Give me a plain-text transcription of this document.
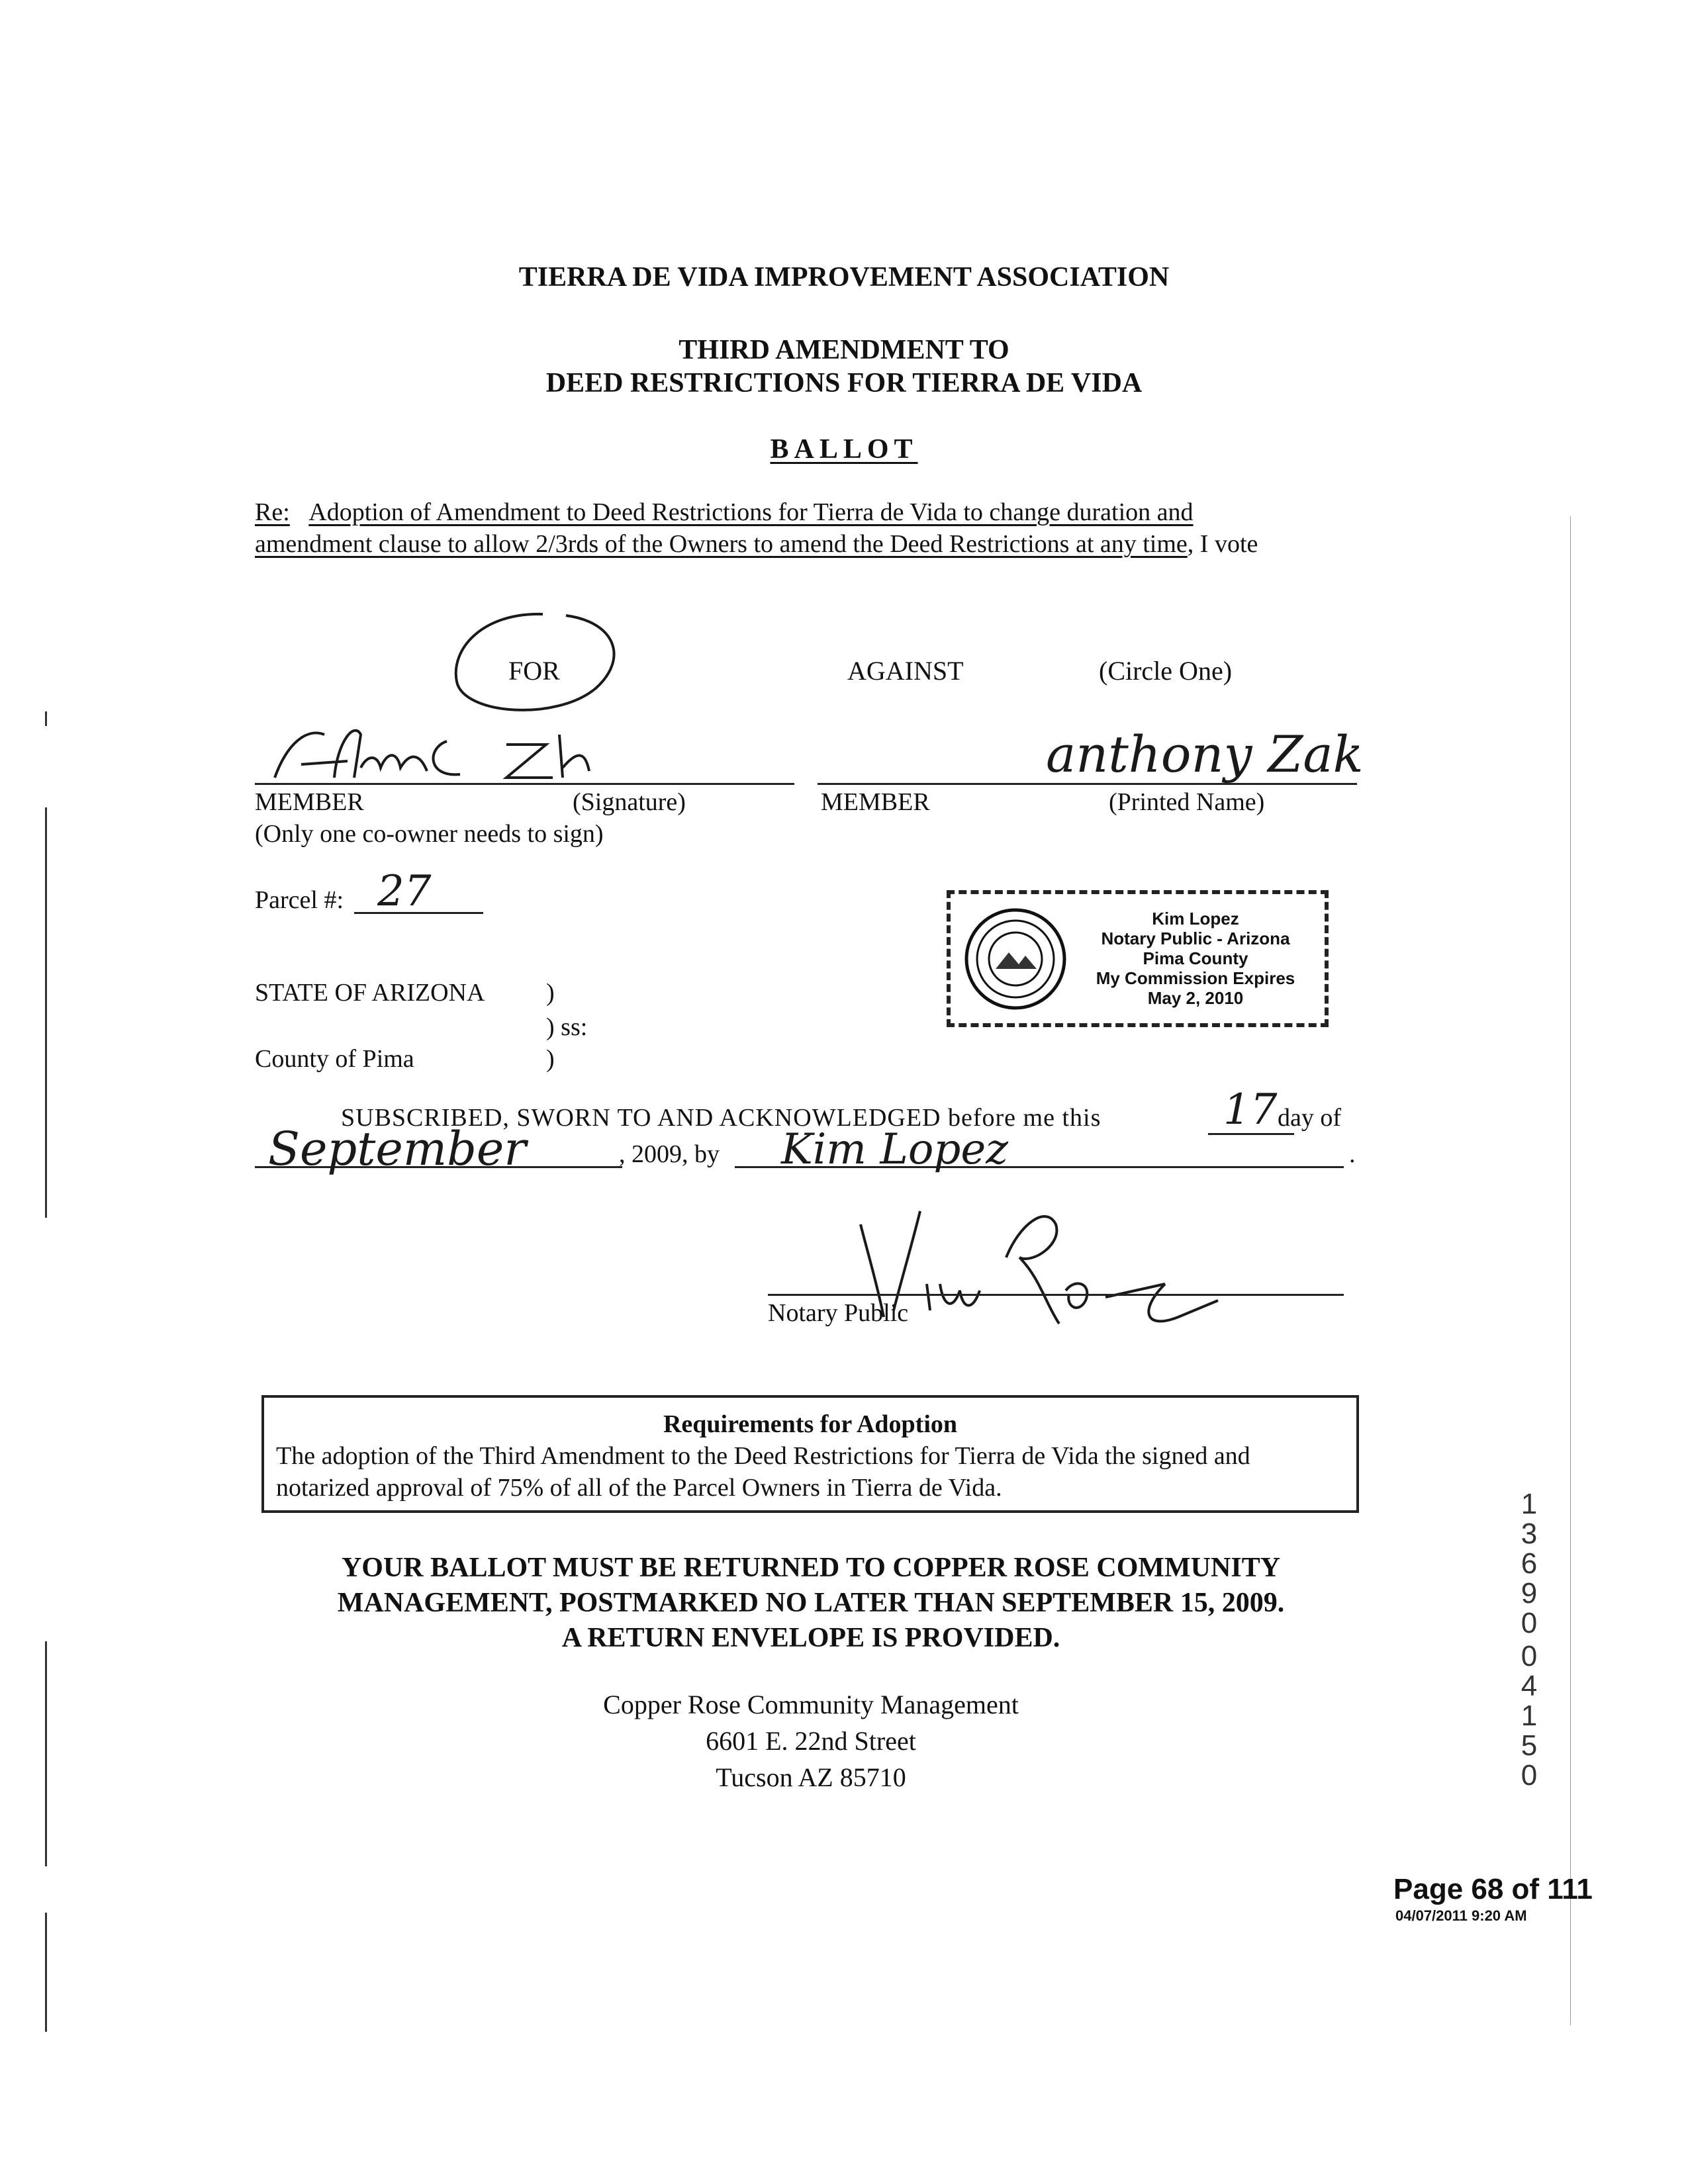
TIERRA DE VIDA IMPROVEMENT ASSOCIATION
THIRD AMENDMENT TO
DEED RESTRICTIONS FOR TIERRA DE VIDA
BALLOT
Re: Adoption of Amendment to Deed Restrictions for Tierra de Vida to change duration and
amendment clause to allow 2/3rds of the Owners to amend the Deed Restrictions at any time, I vote
FOR	AGAINST	(Circle One)
MEMBER	(Signature)
(Only one co-owner needs to sign)
anthony Zak
MEMBER	(Printed Name)
Parcel #: 27
Kim Lopez
Notary Public - Arizona
Pima County
My Commission Expires
May 2, 2010
STATE OF ARIZONA )
) ss:
County of Pima	)
SUBSCRIBED, SWORN TO AND ACKNOWLEDGED before me this	17 day of
September	, 2009, by Kim Lopez	.
Notary Public
Requirements for Adoption
The adoption of the Third Amendment to the Deed Restrictions for Tierra de Vida the signed and notarized approval of 75% of all of the Parcel Owners in Tierra de Vida.
YOUR BALLOT MUST BE RETURNED TO COPPER ROSE COMMUNITY
MANAGEMENT, POSTMARKED NO LATER THAN SEPTEMBER 15, 2009.
A RETURN ENVELOPE IS PROVIDED.
Copper Rose Community Management
6601 E. 22nd Street
Tucson AZ 85710
1
3
6
9
0
0
4
1
5
0
Page 68 of 111
04/07/2011 9:20 AM
